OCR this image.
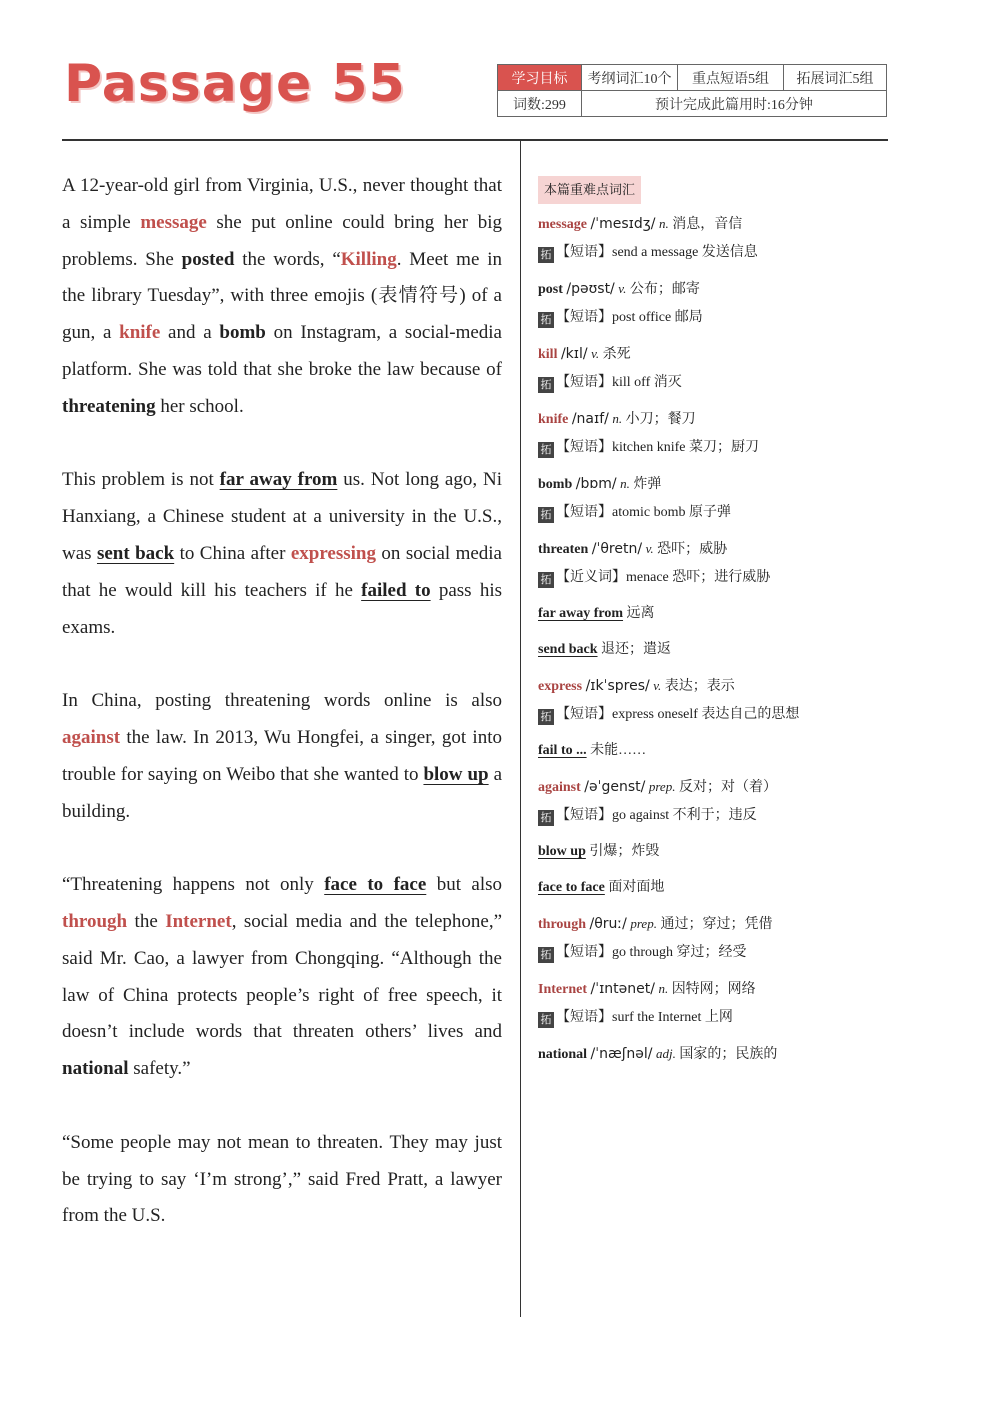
Passage 55	学习目标	考纲词汇10个	重点短语5组	拓展词汇5组
词数:299	预计完成此篇用时:16分钟

A 12-year-old girl from Virginia, U.S., never thought that a simple message she put online could bring her big problems. She posted the words, “Killing. Meet me in the library Tuesday”, with three emojis (表情符号) of a gun, a knife and a bomb on Instagram, a social-media platform. She was told that she broke the law because of threatening her school.

This problem is not far away from us. Not long ago, Ni Hanxiang, a Chinese student at a university in the U.S., was sent back to China after expressing on social media that he would kill his teachers if he failed to pass his exams.

In China, posting threatening words online is also against the law. In 2013, Wu Hongfei, a singer, got into trouble for saying on Weibo that she wanted to blow up a building.

“Threatening happens not only face to face but also through the Internet, social media and the telephone,” said Mr. Cao, a lawyer from Chongqing. “Although the law of China protects people’s right of free speech, it doesn’t include words that threaten others’ lives and national safety.”

“Some people may not mean to threaten. They may just be trying to say ‘I’m strong’,” said Fred Pratt, a lawyer from the U.S.

本篇重难点词汇
message /ˈmesɪdʒ/ n. 消息，音信
拓 【短语】send a message 发送信息
post /pəʊst/ v. 公布；邮寄
拓 【短语】post office 邮局
kill /kɪl/ v. 杀死
拓 【短语】kill off 消灭
knife /naɪf/ n. 小刀；餐刀
拓 【短语】kitchen knife 菜刀；厨刀
bomb /bɒm/ n. 炸弹
拓 【短语】atomic bomb 原子弹
threaten /ˈθretn/ v. 恐吓；威胁
拓 【近义词】menace 恐吓；进行威胁
far away from 远离
send back 退还；遣返
express /ɪkˈspres/ v. 表达；表示
拓 【短语】express oneself 表达自己的思想
fail to ... 未能……
against /əˈgenst/ prep. 反对；对（着）
拓 【短语】go against 不利于；违反
blow up 引爆；炸毁
face to face 面对面地
through /θruː/ prep. 通过；穿过；凭借
拓 【短语】go through 穿过；经受
Internet /ˈɪntənet/ n. 因特网；网络
拓 【短语】surf the Internet 上网
national /ˈnæʃnəl/ adj. 国家的；民族的
